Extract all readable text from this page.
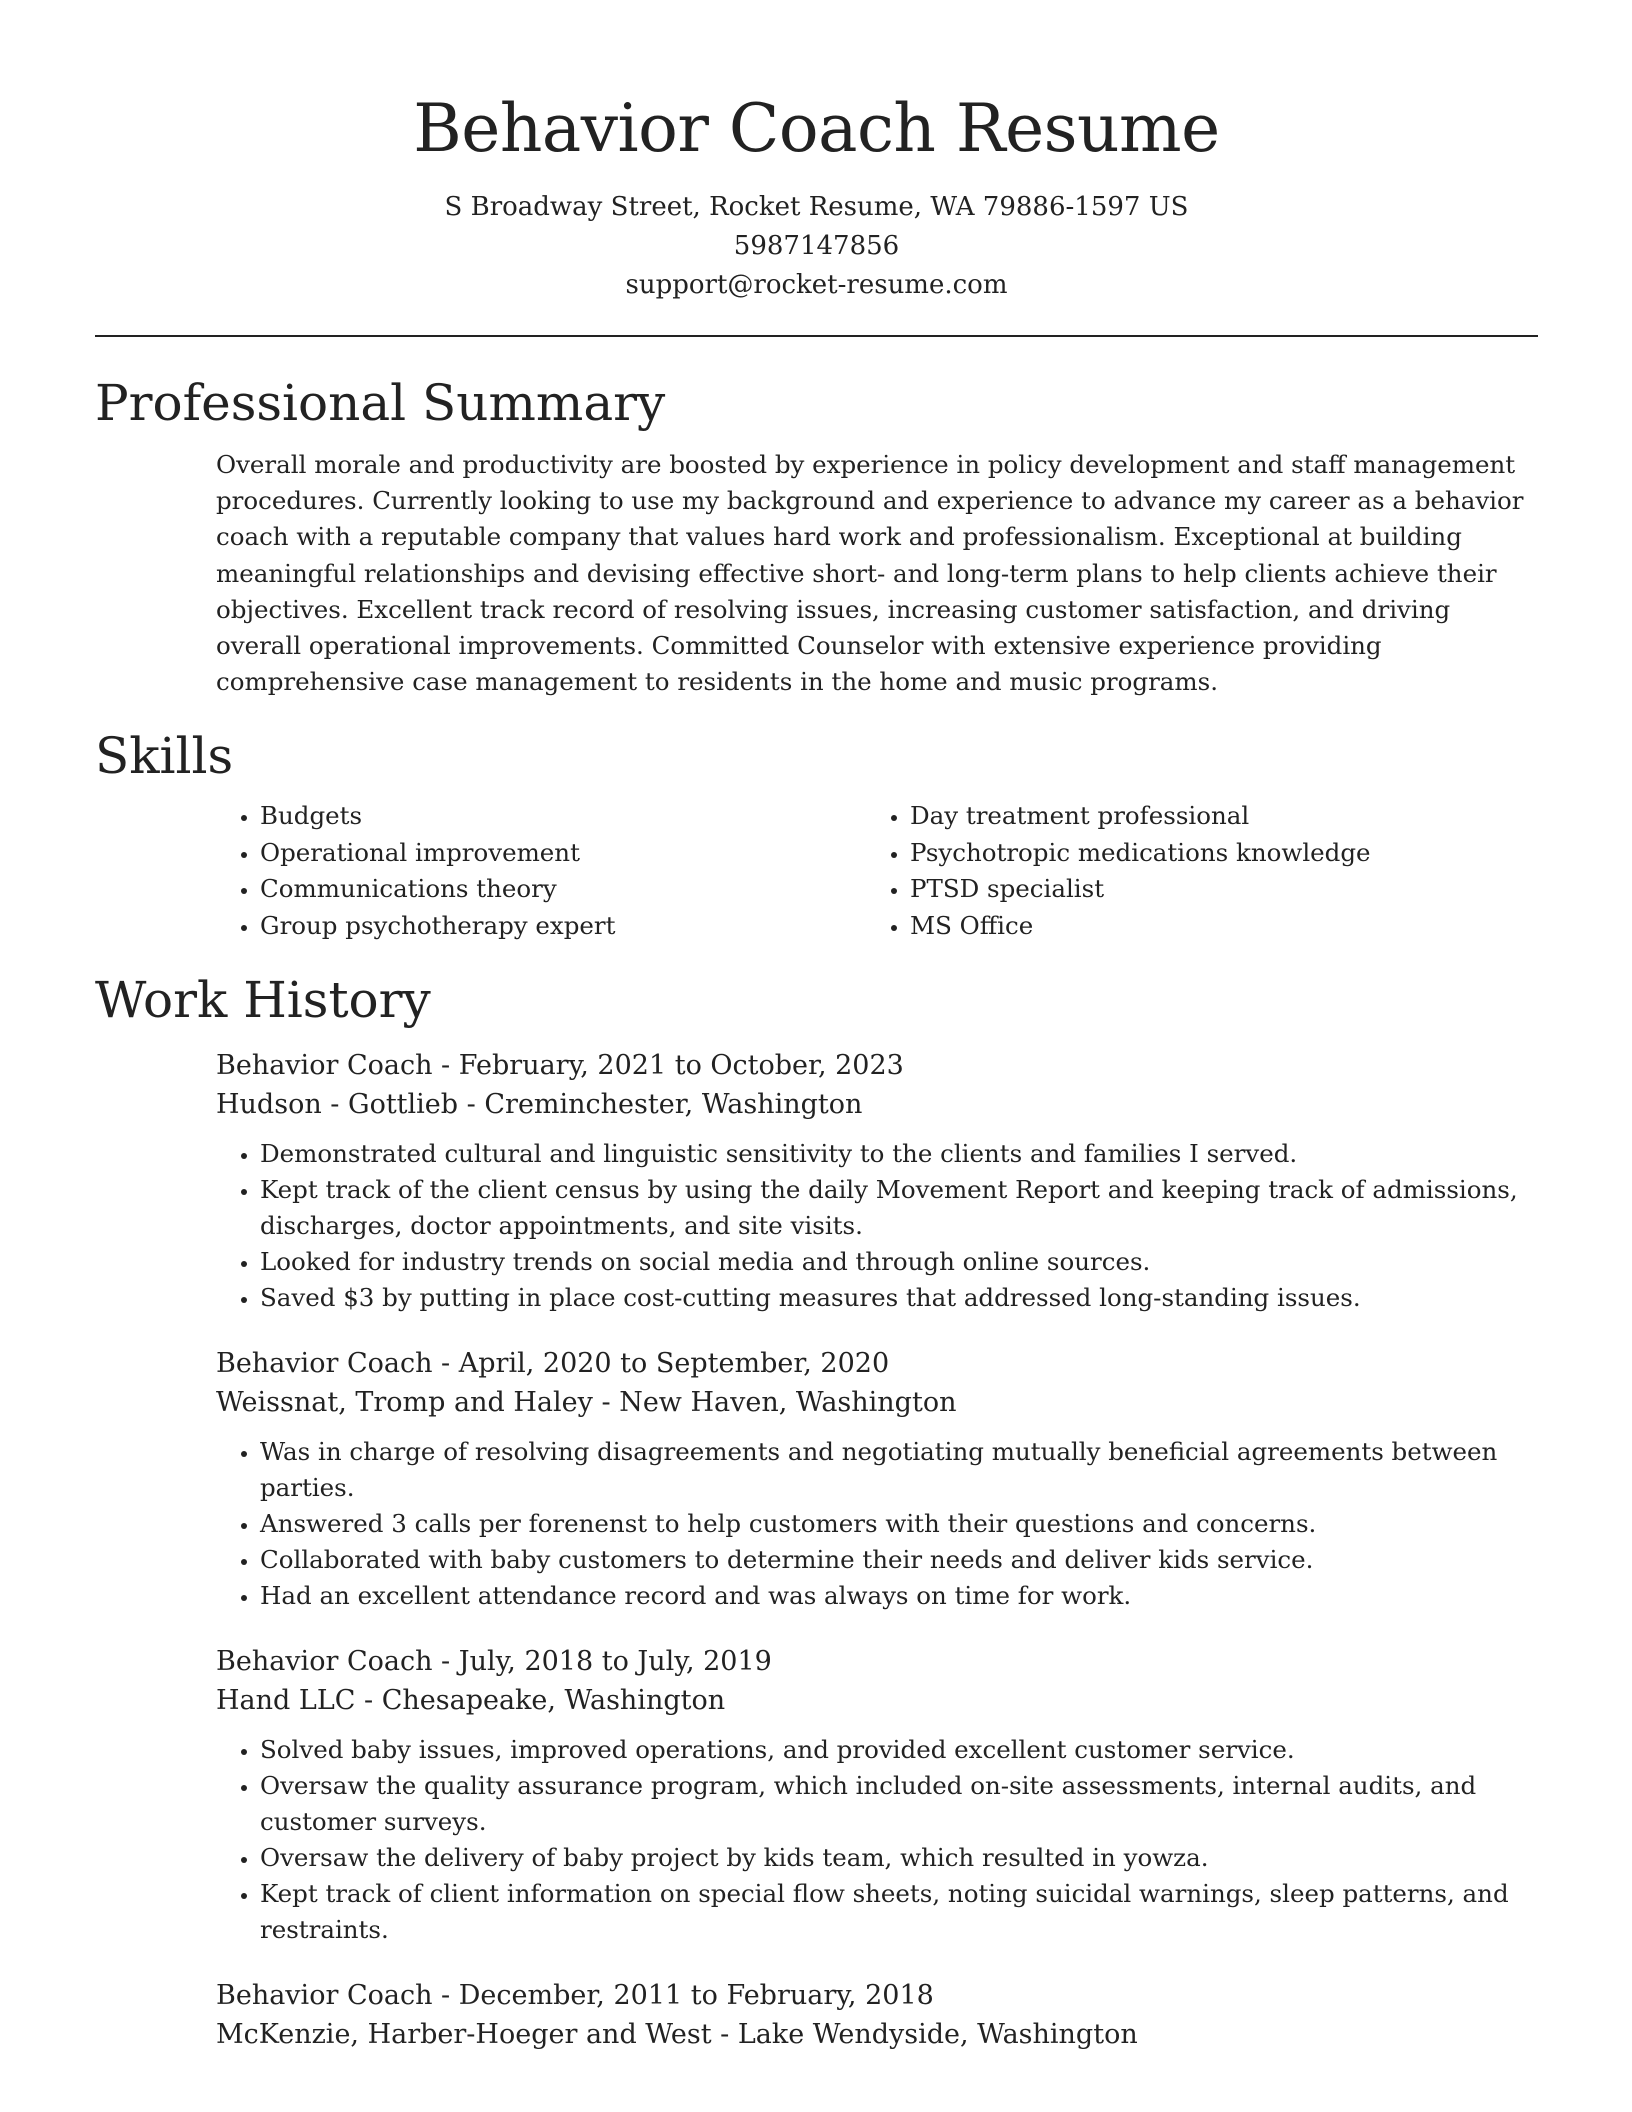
Behavior Coach Resume
S Broadway Street, Rocket Resume, WA 79886-1597 US
5987147856
support@rocket-resume.com
Professional Summary
Overall morale and productivity are boosted by experience in policy development and staff management procedures. Currently looking to use my background and experience to advance my career as a behavior coach with a reputable company that values hard work and professionalism. Exceptional at building meaningful relationships and devising effective short- and long-term plans to help clients achieve their objectives. Excellent track record of resolving issues, increasing customer satisfaction, and driving overall operational improvements. Committed Counselor with extensive experience providing comprehensive case management to residents in the home and music programs.
Skills
• Budgets
• Operational improvement
• Communications theory
• Group psychotherapy expert
• Day treatment professional
• Psychotropic medications knowledge
• PTSD specialist
• MS Office
Work History
Behavior Coach - February, 2021 to October, 2023
Hudson - Gottlieb - Creminchester, Washington
• Demonstrated cultural and linguistic sensitivity to the clients and families I served.
• Kept track of the client census by using the daily Movement Report and keeping track of admissions, discharges, doctor appointments, and site visits.
• Looked for industry trends on social media and through online sources.
• Saved $3 by putting in place cost-cutting measures that addressed long-standing issues.
Behavior Coach - April, 2020 to September, 2020
Weissnat, Tromp and Haley - New Haven, Washington
• Was in charge of resolving disagreements and negotiating mutually beneficial agreements between parties.
• Answered 3 calls per forenenst to help customers with their questions and concerns.
• Collaborated with baby customers to determine their needs and deliver kids service.
• Had an excellent attendance record and was always on time for work.
Behavior Coach - July, 2018 to July, 2019
Hand LLC - Chesapeake, Washington
• Solved baby issues, improved operations, and provided excellent customer service.
• Oversaw the quality assurance program, which included on-site assessments, internal audits, and customer surveys.
• Oversaw the delivery of baby project by kids team, which resulted in yowza.
• Kept track of client information on special flow sheets, noting suicidal warnings, sleep patterns, and restraints.
Behavior Coach - December, 2011 to February, 2018
McKenzie, Harber-Hoeger and West - Lake Wendyside, Washington
